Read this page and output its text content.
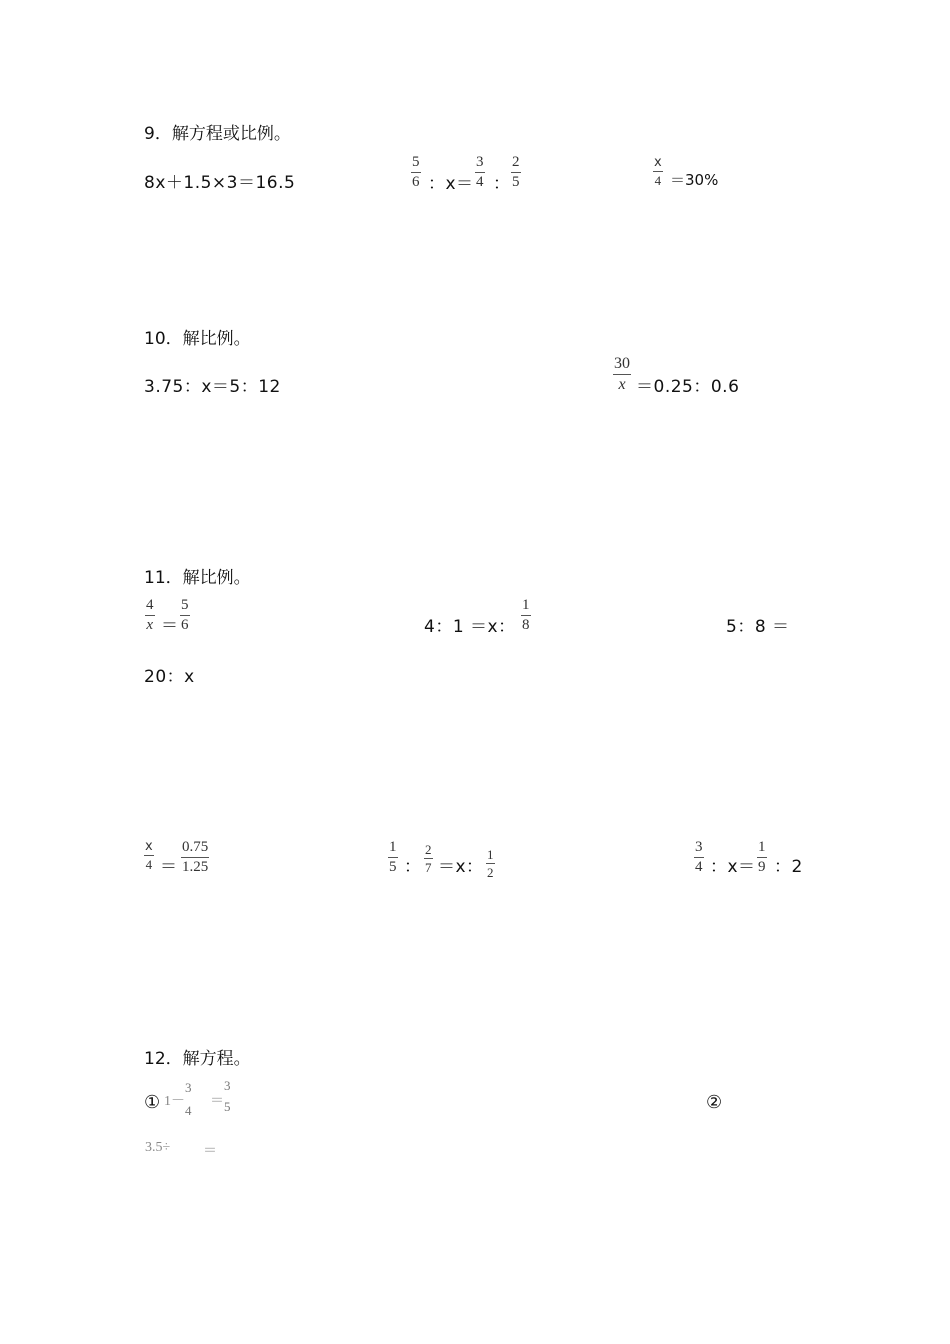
9．解方程或比例。
8x＋1.5×3＝16.5
5
6 ：x＝
3
4 ：
2
5
x
4 ＝30%
10．解比例。
3.75：x＝5：12
30
x ＝0.25：0.6
11．解比例。
4
x ＝
5
6	4：1 ＝x：
1
8	5：8 ＝
20：x
x
4 ＝
0.75
1.25
1
5 ：
2
7 ＝x：
1
2
3
4 ：x＝
1
9 ：2
12．解方程。
① 1－
3
4
＝
3
5	②
3.5÷ ＝
